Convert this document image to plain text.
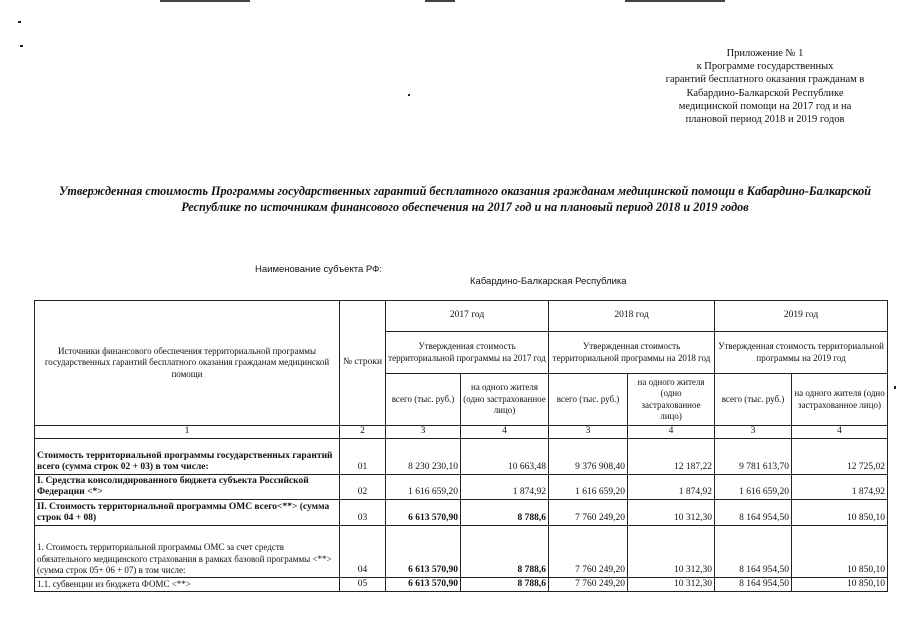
Приложение № 1
к Программе государственных
гарантий бесплатного оказания гражданам в
Кабардино-Балкарской Республике
медицинской помощи на 2017 год и на
плановой период 2018 и 2019 годов
Утвержденная стоимость Программы государственных гарантий бесплатного оказания гражданам медицинской помощи в Кабардино-Балкарской Республике по источникам финансового обеспечения на 2017 год и на плановый период 2018 и 2019 годов
Наименование субъекта РФ:
Кабардино-Балкарская Республика
Источники финансового обеспечения территориальной программы государственных гарантий бесплатного оказания гражданам медицинской помощи	№ строки	2017 год		2018 год		2019 год	
		Утвержденная стоимость территориальной программы на 2017 год		Утвержденная стоимость территориальной программы на 2018 год		Утвержденная стоимость территориальной программы на 2019 год	
		всего (тыс. руб.)	на одного жителя (одно застрахованное лицо)	всего (тыс. руб.)	на одного жителя (одно застрахованное лицо)	всего (тыс. руб.)	на одного жителя (одно застрахованное лицо)
1	2	3	4	3	4	3	4
Стоимость территориальной программы государственных гарантий всего (сумма строк 02 + 03) в том числе:	01	8 230 230,10	10 663,48	9 376 908,40	12 187,22	9 781 613,70	12 725,02
I. Средства консолидированного бюджета субъекта Российской Федерации <*>	02	1 616 659,20	1 874,92	1 616 659,20	1 874,92	1 616 659,20	1 874,92
II. Стоимость территориальной программы ОМС всего<**> (сумма строк 04 + 08)	03	6 613 570,90	8 788,6	7 760 249,20	10 312,30	8 164 954,50	10 850,10
1. Стоимость территориальной программы ОМС за счет средств обязательного медицинского страхования в рамках базовой программы <**> (сумма строк 05+ 06 + 07) в том числе:	04	6 613 570,90	8 788,6	7 760 249,20	10 312,30	8 164 954,50	10 850,10
1.1. субвенции из бюджета ФОМС <**>	05	6 613 570,90	8 788,6	7 760 249,20	10 312,30	8 164 954,50	10 850,10
